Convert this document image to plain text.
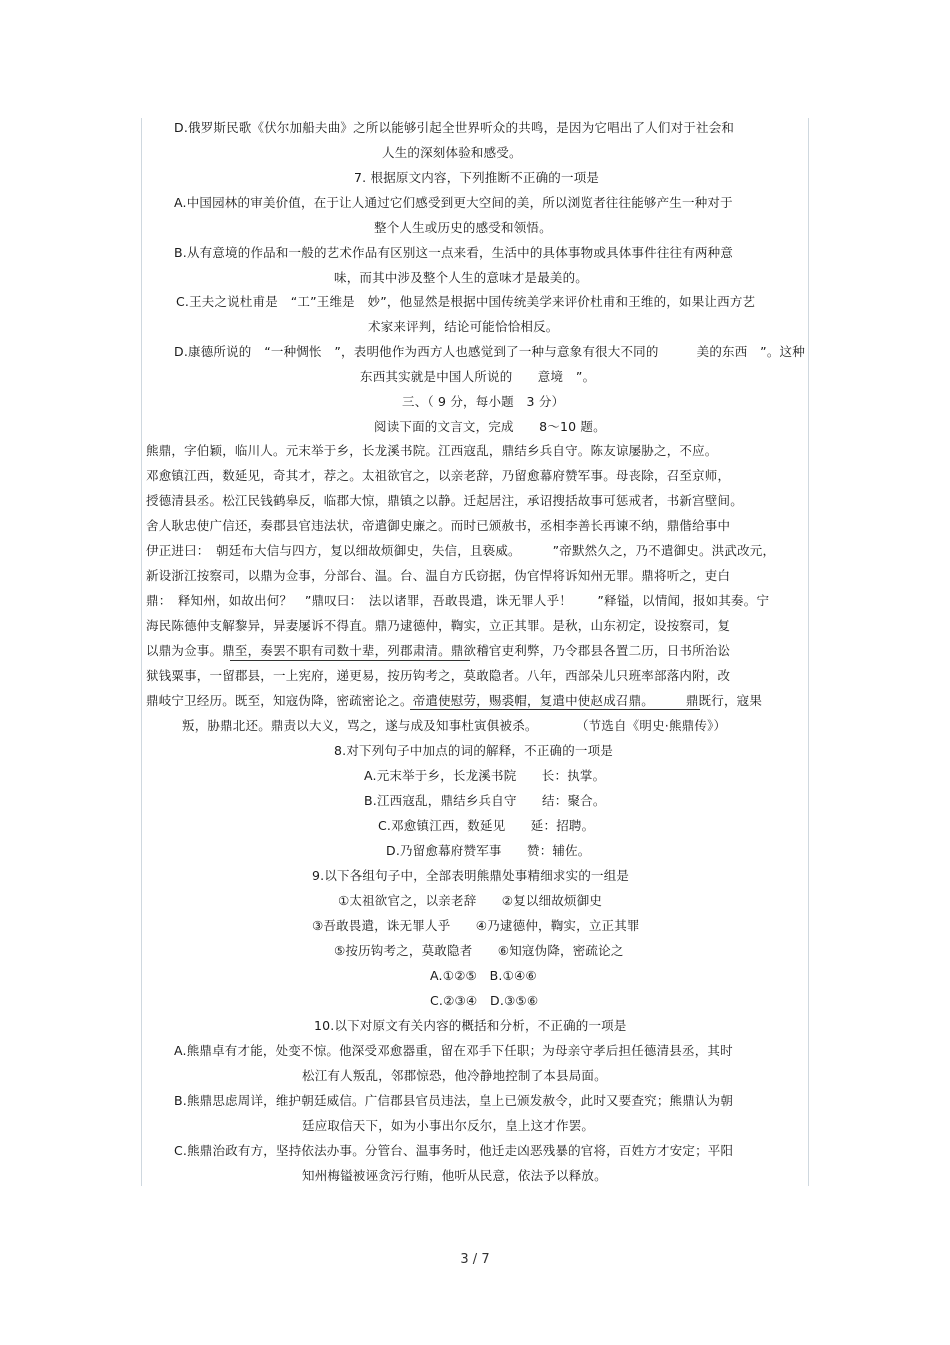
D.俄罗斯民歌《伏尔加船夫曲》之所以能够引起全世界听众的共鸣，是因为它唱出了人们对于社会和
人生的深刻体验和感受。
7. 根据原文内容，下列推断不正确的一项是
A.中国园林的审美价值，在于让人通过它们感受到更大空间的美，所以浏览者往往能够产生一种对于
整个人生或历史的感受和领悟。
B.从有意境的作品和一般的艺术作品有区别这一点来看，生活中的具体事物或具体事件往往有两种意
味，而其中涉及整个人生的意味才是最美的。
C.王夫之说杜甫是　“工”王维是　妙”，他显然是根据中国传统美学来评价杜甫和王维的，如果让西方艺
术家来评判，结论可能恰恰相反。
D.康德所说的　“一种惆怅　”，表明他作为西方人也感觉到了一种与意象有很大不同的　　　美的东西　”。这种
东西其实就是中国人所说的　　意境　”。
三、（ 9 分，每小题　3 分）
阅读下面的文言文，完成　　8～10 题。
熊鼎，字伯颖，临川人。元末举于乡，长龙溪书院。江西寇乱，鼎结乡兵自守。陈友谅屡胁之，不应。
邓愈镇江西，数延见，奇其才，荐之。太祖欲官之，以亲老辞，乃留愈幕府赞军事。母丧除，召至京师，
授德清县丞。松江民钱鹤皋反，临郡大惊，鼎镇之以静。迁起居注，承诏搜括故事可惩戒者，书新宫壁间。
舍人耿忠使广信还，奏郡县官违法状，帝遣御史廉之。而时已颁赦书，丞相李善长再谏不纳，鼎偕给事中
伊正进曰：　朝廷布大信与四方，复以细故烦御史，失信，且亵威。　　　”帝默然久之，乃不遣御史。洪武改元，
新设浙江按察司，以鼎为佥事，分部台、温。台、温自方氏窃据，伪官悍将诉知州无罪。鼎将听之，吏白
鼎：　释知州，如故出何？　”鼎叹曰：　法以诸罪，吾敢畏遣，诛无罪人乎！　　”释镒，以情闻，报如其奏。宁
海民陈德仲支解黎异，异妻屡诉不得直。鼎乃逮德仲，鞫实，立正其罪。是秋，山东初定，设按察司，复
以鼎为佥事。鼎至，奏罢不职有司数十辈，列郡肃清。鼎欲稽官吏利弊，乃令郡县各置二历，日书所治讼
狱钱粟事，一留郡县，一上宪府，递更易，按历钩考之，莫敢隐者。八年，西部朵儿只班率部落内附，改
鼎岐宁卫经历。既至，知寇伪降，密疏密论之。帝遣使慰劳，赐裘帽，复遣中使赵成召鼎。　　　鼎既行，寇果
叛，胁鼎北还。鼎责以大义，骂之，遂与成及知事杜寅俱被杀。　　　　（节选自《明史·熊鼎传》）
8.对下列句子中加点的词的解释，不正确的一项是
A.元末举于乡，长龙溪书院　　长：执掌。
B.江西寇乱，鼎结乡兵自守　　结：聚合。
C.邓愈镇江西，数延见　　延：招聘。
D.乃留愈幕府赞军事　　赞：辅佐。
9.以下各组句子中，全部表明熊鼎处事精细求实的一组是
①太祖欲官之，以亲老辞　　②复以细故烦御史
③吾敢畏遣，诛无罪人乎　　④乃逮德仲，鞫实，立正其罪
⑤按历钩考之，莫敢隐者　　⑥知寇伪降，密疏论之
A.①②⑤　B.①④⑥
C.②③④　D.③⑤⑥
10.以下对原文有关内容的概括和分析，不正确的一项是
A.熊鼎卓有才能，处变不惊。他深受邓愈器重，留在邓手下任职；为母亲守孝后担任德清县丞，其时
松江有人叛乱，邻郡惊恐，他冷静地控制了本县局面。
B.熊鼎思虑周详，维护朝廷威信。广信郡县官员违法，皇上已颁发赦令，此时又要查究；熊鼎认为朝
廷应取信天下，如为小事出尔反尔，皇上这才作罢。
C.熊鼎治政有方，坚持依法办事。分管台、温事务时，他迁走凶恶残暴的官将，百姓方才安定；平阳
知州梅镒被诬贪污行贿，他听从民意，依法予以释放。
3 / 7
